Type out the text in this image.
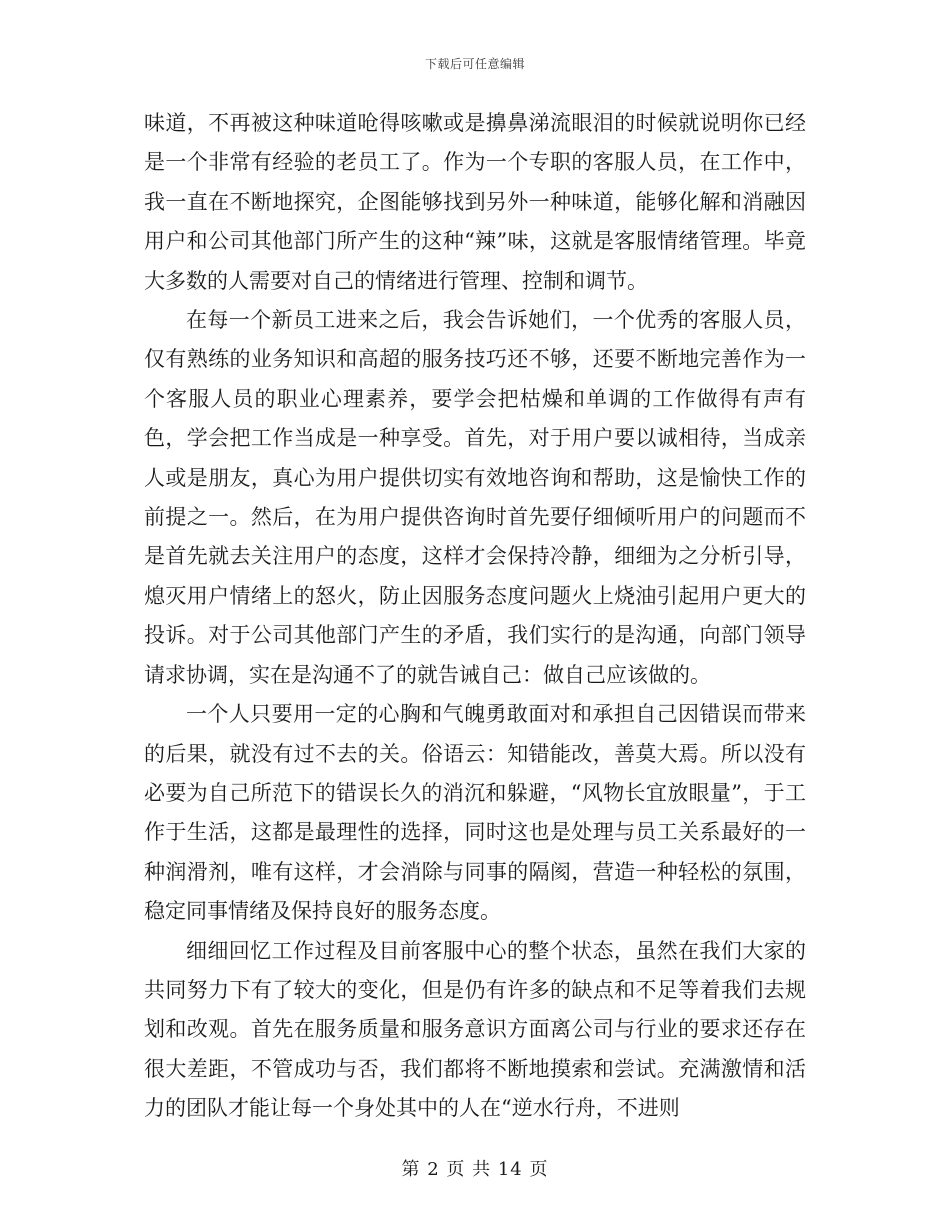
下载后可任意编辑

味道，不再被这种味道呛得咳嗽或是擤鼻涕流眼泪的时候就说明你已经是一个非常有经验的老员工了。作为一个专职的客服人员，在工作中，我一直在不断地探究，企图能够找到另外一种味道，能够化解和消融因用户和公司其他部门所产生的这种“辣”味，这就是客服情绪管理。毕竟大多数的人需要对自己的情绪进行管理、控制和调节。

在每一个新员工进来之后，我会告诉她们，一个优秀的客服人员，仅有熟练的业务知识和高超的服务技巧还不够，还要不断地完善作为一个客服人员的职业心理素养，要学会把枯燥和单调的工作做得有声有色，学会把工作当成是一种享受。首先，对于用户要以诚相待，当成亲人或是朋友，真心为用户提供切实有效地咨询和帮助，这是愉快工作的前提之一。然后，在为用户提供咨询时首先要仔细倾听用户的问题而不是首先就去关注用户的态度，这样才会保持冷静，细细为之分析引导，熄灭用户情绪上的怒火，防止因服务态度问题火上烧油引起用户更大的投诉。对于公司其他部门产生的矛盾，我们实行的是沟通，向部门领导请求协调，实在是沟通不了的就告诫自己：做自己应该做的。

一个人只要用一定的心胸和气魄勇敢面对和承担自己因错误而带来的后果，就没有过不去的关。俗语云：知错能改，善莫大焉。所以没有必要为自己所范下的错误长久的消沉和躲避，“风物长宜放眼量”，于工作于生活，这都是最理性的选择，同时这也是处理与员工关系最好的一种润滑剂，唯有这样，才会消除与同事的隔阂，营造一种轻松的氛围，稳定同事情绪及保持良好的服务态度。

细细回忆工作过程及目前客服中心的整个状态，虽然在我们大家的共同努力下有了较大的变化，但是仍有许多的缺点和不足等着我们去规划和改观。首先在服务质量和服务意识方面离公司与行业的要求还存在很大差距，不管成功与否，我们都将不断地摸索和尝试。充满激情和活力的团队才能让每一个身处其中的人在“逆水行舟，不进则

第 2 页 共 14 页
